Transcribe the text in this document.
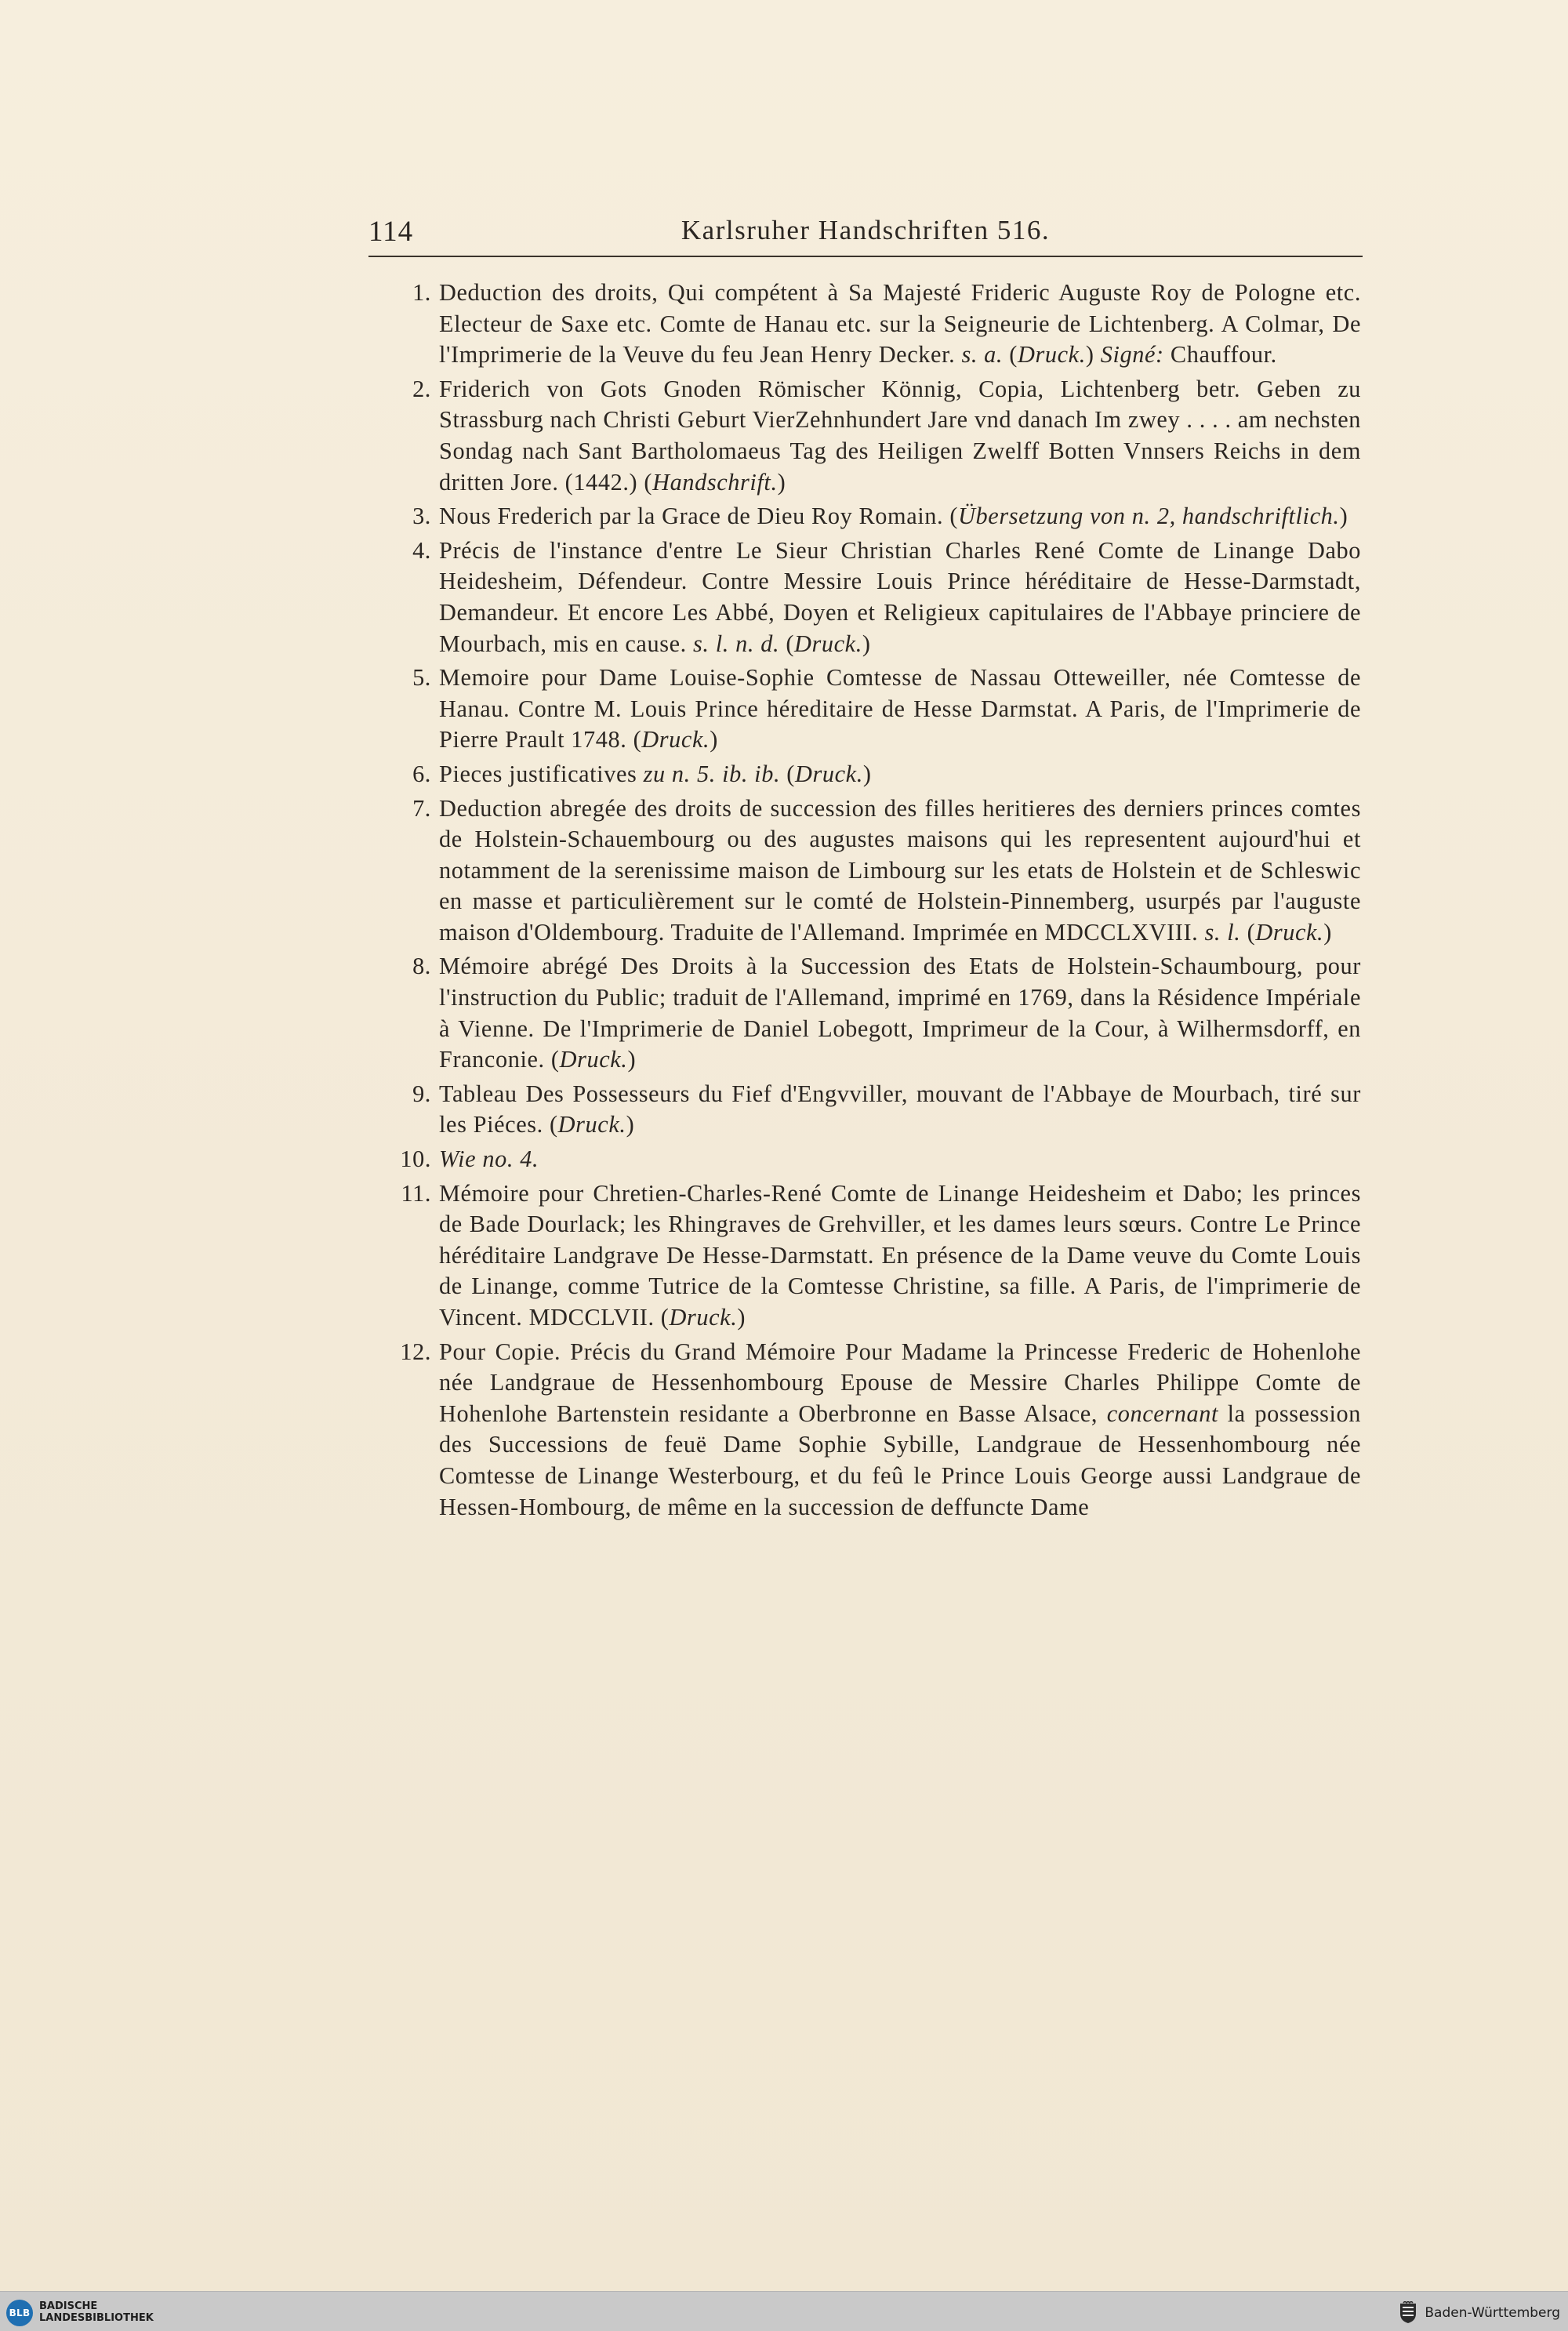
114	Karlsruher Handschriften 516.
1. Deduction des droits, Qui compétent à Sa Majesté Frideric Auguste Roy de Pologne etc. Electeur de Saxe etc. Comte de Hanau etc. sur la Seigneurie de Lichtenberg. A Colmar, De l'Imprimerie de la Veuve du feu Jean Henry Decker. s. a. (Druck.) Signé: Chauffour.
2. Friderich von Gots Gnoden Römischer Könnig, Copia, Lichtenberg betr. Geben zu Strassburg nach Christi Geburt VierZehnhundert Jare vnd danach Im zwey . . . . am nechsten Sondag nach Sant Bartholomaeus Tag des Heiligen Zwelff Botten Vnnsers Reichs in dem dritten Jore. (1442.) (Handschrift.)
3. Nous Frederich par la Grace de Dieu Roy Romain. (Übersetzung von n. 2, handschriftlich.)
4. Précis de l'instance d'entre Le Sieur Christian Charles René Comte de Linange Dabo Heidesheim, Défendeur. Contre Messire Louis Prince héréditaire de Hesse-Darmstadt, Demandeur. Et encore Les Abbé, Doyen et Religieux capitulaires de l'Abbaye princiere de Mourbach, mis en cause. s. l. n. d. (Druck.)
5. Memoire pour Dame Louise-Sophie Comtesse de Nassau Otteweiller, née Comtesse de Hanau. Contre M. Louis Prince héreditaire de Hesse Darmstat. A Paris, de l'Imprimerie de Pierre Prault 1748. (Druck.)
6. Pieces justificatives zu n. 5. ib. ib. (Druck.)
7. Deduction abregée des droits de succession des filles heritieres des derniers princes comtes de Holstein-Schauembourg ou des augustes maisons qui les representent aujourd'hui et notamment de la serenissime maison de Limbourg sur les etats de Holstein et de Schleswic en masse et particulièrement sur le comté de Holstein-Pinnemberg, usurpés par l'auguste maison d'Oldembourg. Traduite de l'Allemand. Imprimée en MDCCLXVIII. s. l. (Druck.)
8. Mémoire abrégé Des Droits à la Succession des Etats de Holstein-Schaumbourg, pour l'instruction du Public; traduit de l'Allemand, imprimé en 1769, dans la Résidence Impériale à Vienne. De l'Imprimerie de Daniel Lobegott, Imprimeur de la Cour, à Wilhermsdorff, en Franconie. (Druck.)
9. Tableau Des Possesseurs du Fief d'Engvviller, mouvant de l'Abbaye de Mourbach, tiré sur les Piéces. (Druck.)
10. Wie no. 4.
11. Mémoire pour Chretien-Charles-René Comte de Linange Heidesheim et Dabo; les princes de Bade Dourlack; les Rhingraves de Grehviller, et les dames leurs sœurs. Contre Le Prince héréditaire Landgrave De Hesse-Darmstatt. En présence de la Dame veuve du Comte Louis de Linange, comme Tutrice de la Comtesse Christine, sa fille. A Paris, de l'imprimerie de Vincent. MDCCLVII. (Druck.)
12. Pour Copie. Précis du Grand Mémoire Pour Madame la Princesse Frederic de Hohenlohe née Landgraue de Hessenhombourg Epouse de Messire Charles Philippe Comte de Hohenlohe Bartenstein residante a Oberbronne en Basse Alsace, concernant la possession des Successions de feuë Dame Sophie Sybille, Landgraue de Hessenhombourg née Comtesse de Linange Westerbourg, et du feû le Prince Louis George aussi Landgraue de Hessen-Hombourg, de même en la succession de deffuncte Dame
BLB
BADISCHE
LANDESBIBLIOTHEK	Baden-Württemberg
